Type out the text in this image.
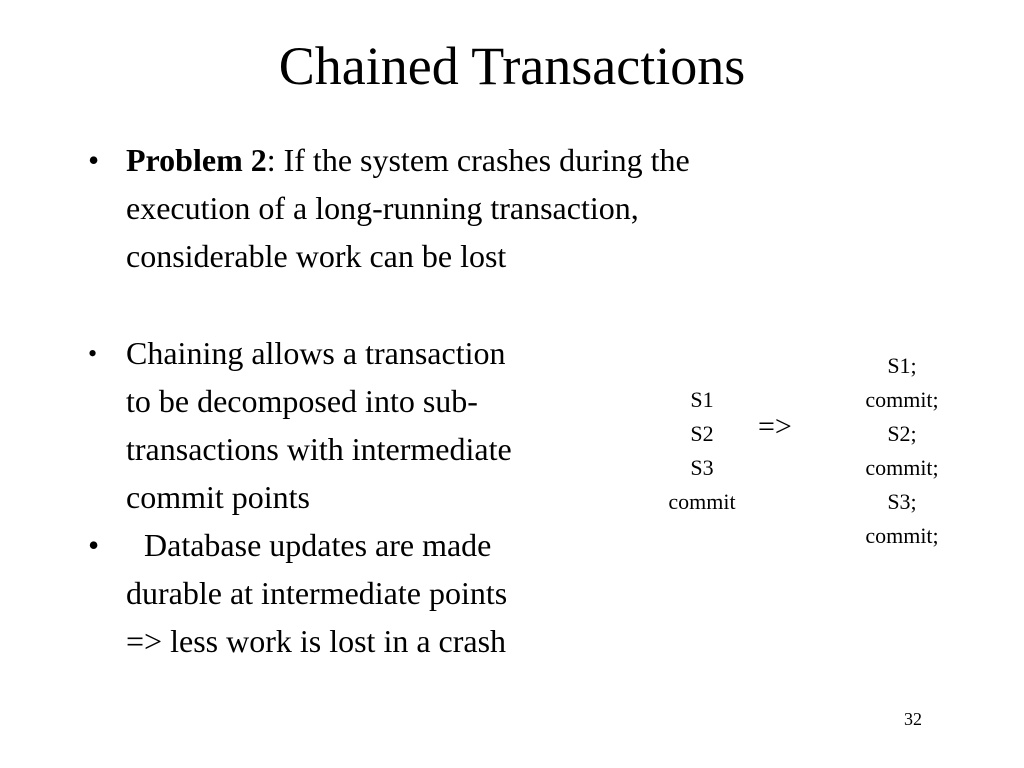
Chained Transactions
• Problem 2: If the system crashes during the
execution of a long-running transaction,
considerable work can be lost
• Chaining allows a transaction
to be decomposed into sub-
transactions with intermediate
commit points
•	Database updates are made
durable at intermediate points
=> less work is lost in a crash
S1
S2
S3
commit
=>
S1;
commit;
S2;
commit;
S3;
commit;
32
